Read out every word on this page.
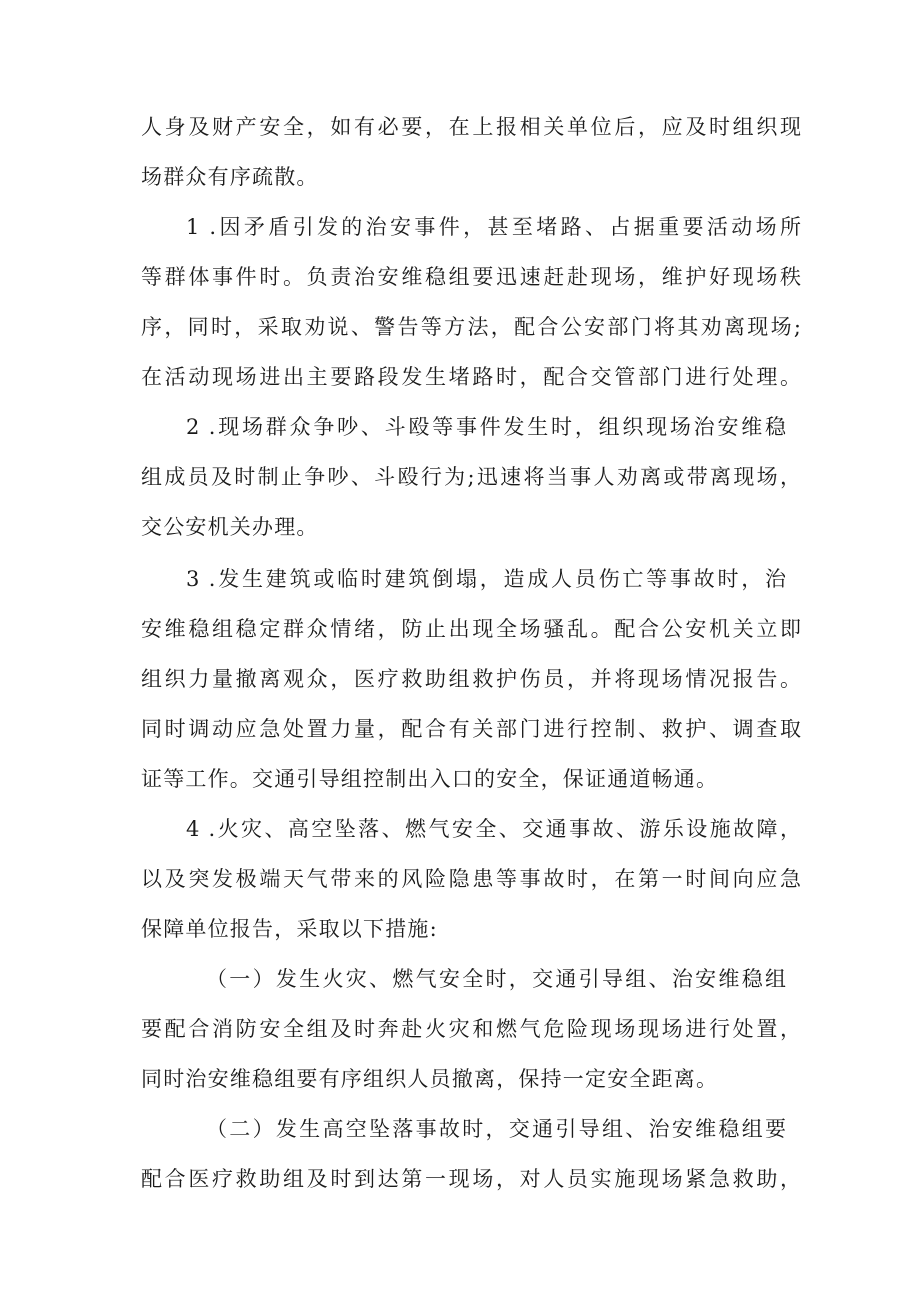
人身及财产安全，如有必要，在上报相关单位后，应及时组织现
场群众有序疏散。
1 .因矛盾引发的治安事件，甚至堵路、占据重要活动场所
等群体事件时。负责治安维稳组要迅速赶赴现场，维护好现场秩
序，同时，采取劝说、警告等方法，配合公安部门将其劝离现场;
在活动现场进出主要路段发生堵路时，配合交管部门进行处理。
2 .现场群众争吵、斗殴等事件发生时，组织现场治安维稳
组成员及时制止争吵、斗殴行为;迅速将当事人劝离或带离现场，
交公安机关办理。
3 .发生建筑或临时建筑倒塌，造成人员伤亡等事故时，治
安维稳组稳定群众情绪，防止出现全场骚乱。配合公安机关立即
组织力量撤离观众，医疗救助组救护伤员，并将现场情况报告。
同时调动应急处置力量，配合有关部门进行控制、救护、调查取
证等工作。交通引导组控制出入口的安全，保证通道畅通。
4 .火灾、高空坠落、燃气安全、交通事故、游乐设施故障，
以及突发极端天气带来的风险隐患等事故时，在第一时间向应急
保障单位报告，采取以下措施:
（一）发生火灾、燃气安全时，交通引导组、治安维稳组
要配合消防安全组及时奔赴火灾和燃气危险现场现场进行处置，
同时治安维稳组要有序组织人员撤离，保持一定安全距离。
（二）发生高空坠落事故时，交通引导组、治安维稳组要
配合医疗救助组及时到达第一现场，对人员实施现场紧急救助，
